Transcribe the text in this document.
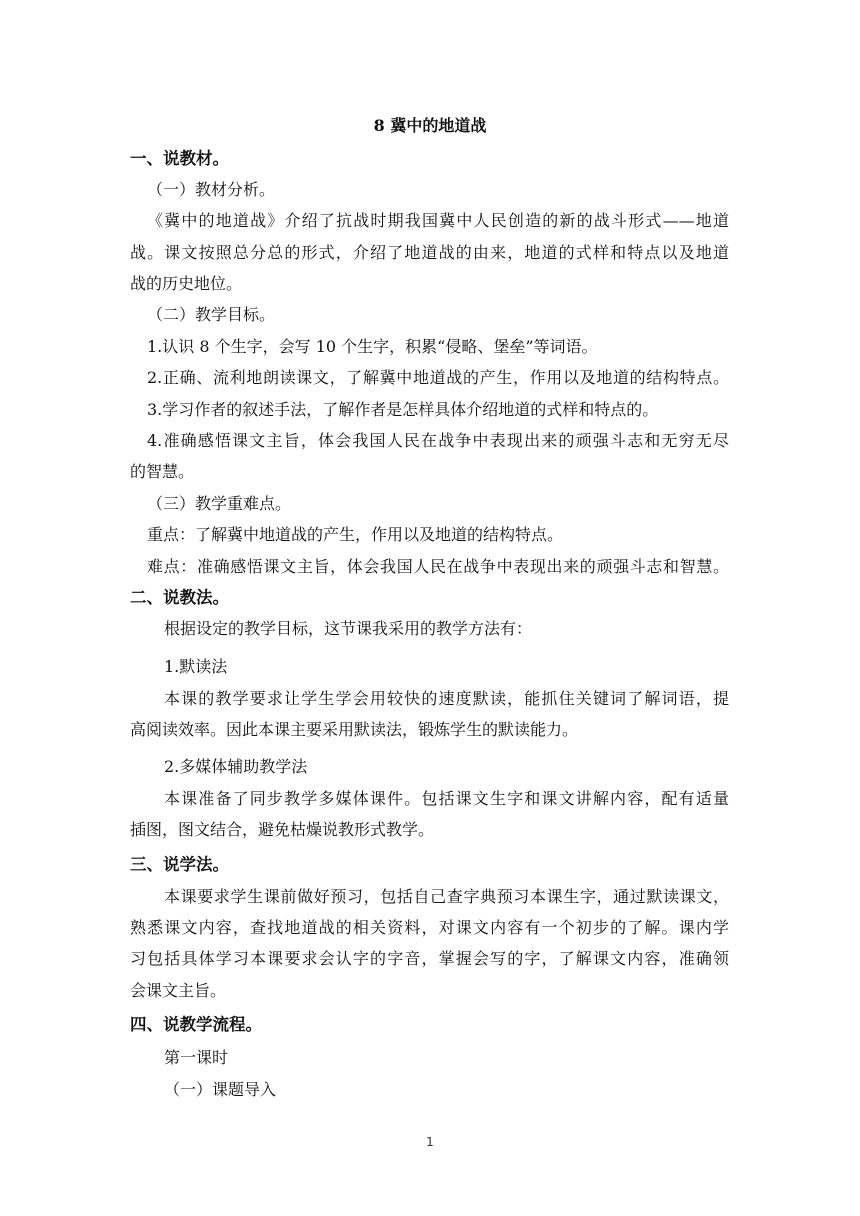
8 冀中的地道战
一、说教材。
（一）教材分析。
《冀中的地道战》介绍了抗战时期我国冀中人民创造的新的战斗形式——地道
战。课文按照总分总的形式，介绍了地道战的由来，地道的式样和特点以及地道
战的历史地位。
（二）教学目标。
1.认识 8 个生字，会写 10 个生字，积累“侵略、堡垒”等词语。
2.正确、流利地朗读课文，了解冀中地道战的产生，作用以及地道的结构特点。
3.学习作者的叙述手法，了解作者是怎样具体介绍地道的式样和特点的。
4.准确感悟课文主旨，体会我国人民在战争中表现出来的顽强斗志和无穷无尽
的智慧。
（三）教学重难点。
重点：了解冀中地道战的产生，作用以及地道的结构特点。
难点：准确感悟课文主旨，体会我国人民在战争中表现出来的顽强斗志和智慧。
二、说教法。
根据设定的教学目标，这节课我采用的教学方法有：
1.默读法
本课的教学要求让学生学会用较快的速度默读，能抓住关键词了解词语，提
高阅读效率。因此本课主要采用默读法，锻炼学生的默读能力。
2.多媒体辅助教学法
本课准备了同步教学多媒体课件。包括课文生字和课文讲解内容，配有适量
插图，图文结合，避免枯燥说教形式教学。
三、说学法。
本课要求学生课前做好预习，包括自己查字典预习本课生字，通过默读课文，
熟悉课文内容，查找地道战的相关资料，对课文内容有一个初步的了解。课内学
习包括具体学习本课要求会认字的字音，掌握会写的字，了解课文内容，准确领
会课文主旨。
四、说教学流程。
第一课时
（一）课题导入
1
